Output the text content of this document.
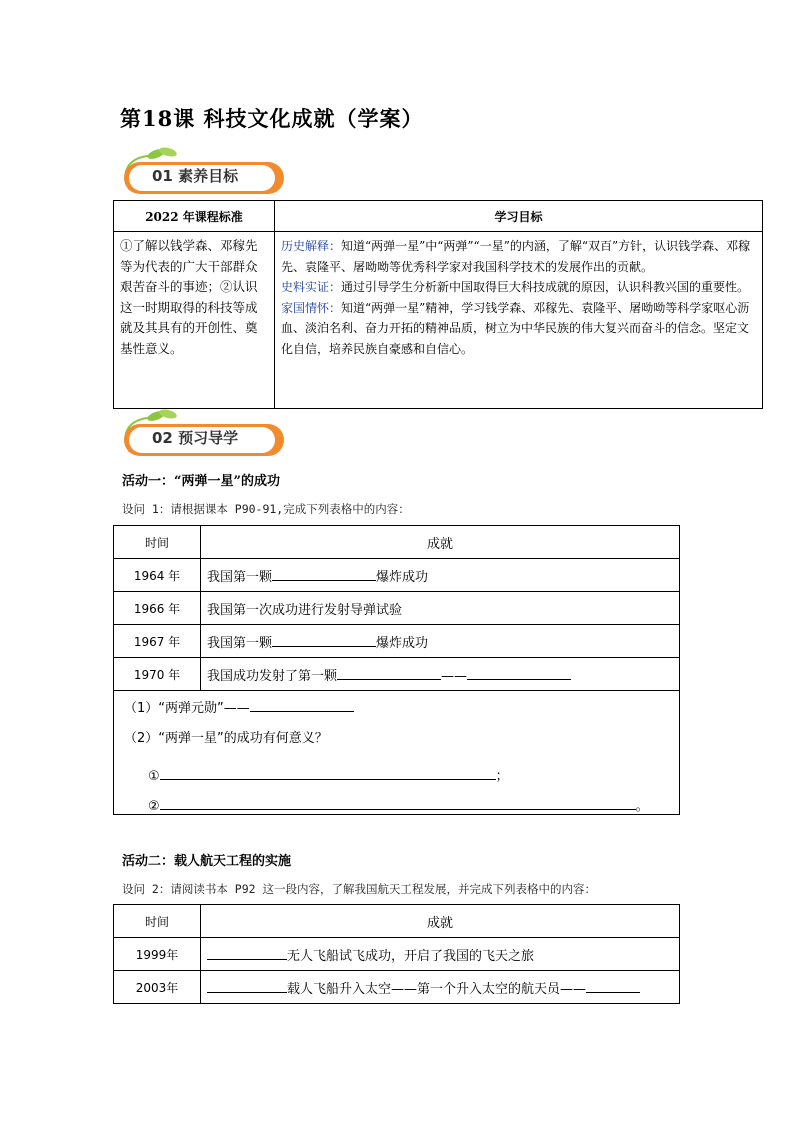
第18课 科技文化成就（学案）
01 素养目标
2022 年课程标准	学习目标
①了解以钱学森、邓稼先等为代表的广大干部群众艰苦奋斗的事迹；②认识这一时期取得的科技等成就及其具有的开创性、奠基性意义。	历史解释：知道“两弹一星”中“两弹”“一星”的内涵，了解“双百”方针，认识钱学森、邓稼先、袁隆平、屠呦呦等优秀科学家对我国科学技术的发展作出的贡献。
史料实证：通过引导学生分析新中国取得巨大科技成就的原因，认识科教兴国的重要性。
家国情怀：知道“两弹一星”精神，学习钱学森、邓稼先、袁隆平、屠呦呦等科学家呕心沥血、淡泊名利、奋力开拓的精神品质，树立为中华民族的伟大复兴而奋斗的信念。坚定文化自信，培养民族自豪感和自信心。
02 预习导学
活动一：“两弹一星”的成功
设问 1：请根据课本 P90-91,完成下列表格中的内容：
时间	成就
1964 年	我国第一颗 爆炸成功
1966 年	我国第一次成功进行发射导弹试验
1967 年	我国第一颗 爆炸成功
1970 年	我国成功发射了第一颗 ——

（1）“两弹元勋”——
（2）“两弹一星”的成功有何意义？
① ；
② 。	
活动二：载人航天工程的实施
设问 2：请阅读书本 P92 这一段内容，了解我国航天工程发展，并完成下列表格中的内容：
时间	成就
1999年	无人飞船试飞成功，开启了我国的飞天之旅
2003年	载人飞船升入太空——第一个升入太空的航天员——
